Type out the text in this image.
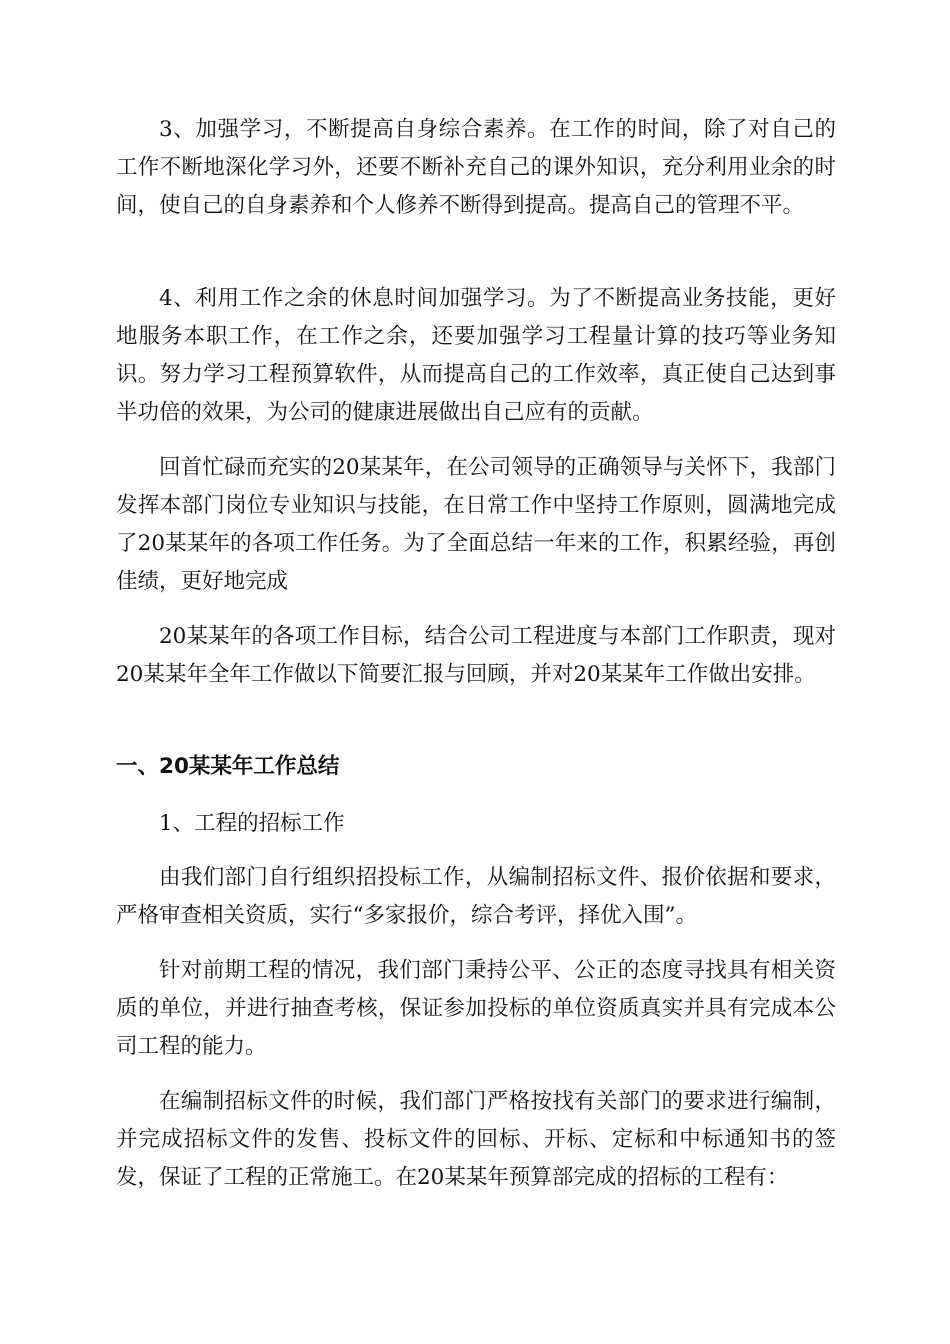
3、加强学习，不断提高自身综合素养。在工作的时间，除了对自己的工作不断地深化学习外，还要不断补充自己的课外知识，充分利用业余的时间，使自己的自身素养和个人修养不断得到提高。提高自己的管理不平。

4、利用工作之余的休息时间加强学习。为了不断提高业务技能，更好地服务本职工作，在工作之余，还要加强学习工程量计算的技巧等业务知识。努力学习工程预算软件，从而提高自己的工作效率，真正使自己达到事半功倍的效果，为公司的健康进展做出自己应有的贡献。

回首忙碌而充实的20某某年，在公司领导的正确领导与关怀下，我部门发挥本部门岗位专业知识与技能，在日常工作中坚持工作原则，圆满地完成了20某某年的各项工作任务。为了全面总结一年来的工作，积累经验，再创佳绩，更好地完成

20某某年的各项工作目标，结合公司工程进度与本部门工作职责，现对20某某年全年工作做以下简要汇报与回顾，并对20某某年工作做出安排。

一、20某某年工作总结

1、工程的招标工作

由我们部门自行组织招投标工作，从编制招标文件、报价依据和要求，严格审查相关资质，实行“多家报价，综合考评，择优入围”。

针对前期工程的情况，我们部门秉持公平、公正的态度寻找具有相关资质的单位，并进行抽查考核，保证参加投标的单位资质真实并具有完成本公司工程的能力。

在编制招标文件的时候，我们部门严格按找有关部门的要求进行编制，并完成招标文件的发售、投标文件的回标、开标、定标和中标通知书的签发，保证了工程的正常施工。在20某某年预算部完成的招标的工程有：
